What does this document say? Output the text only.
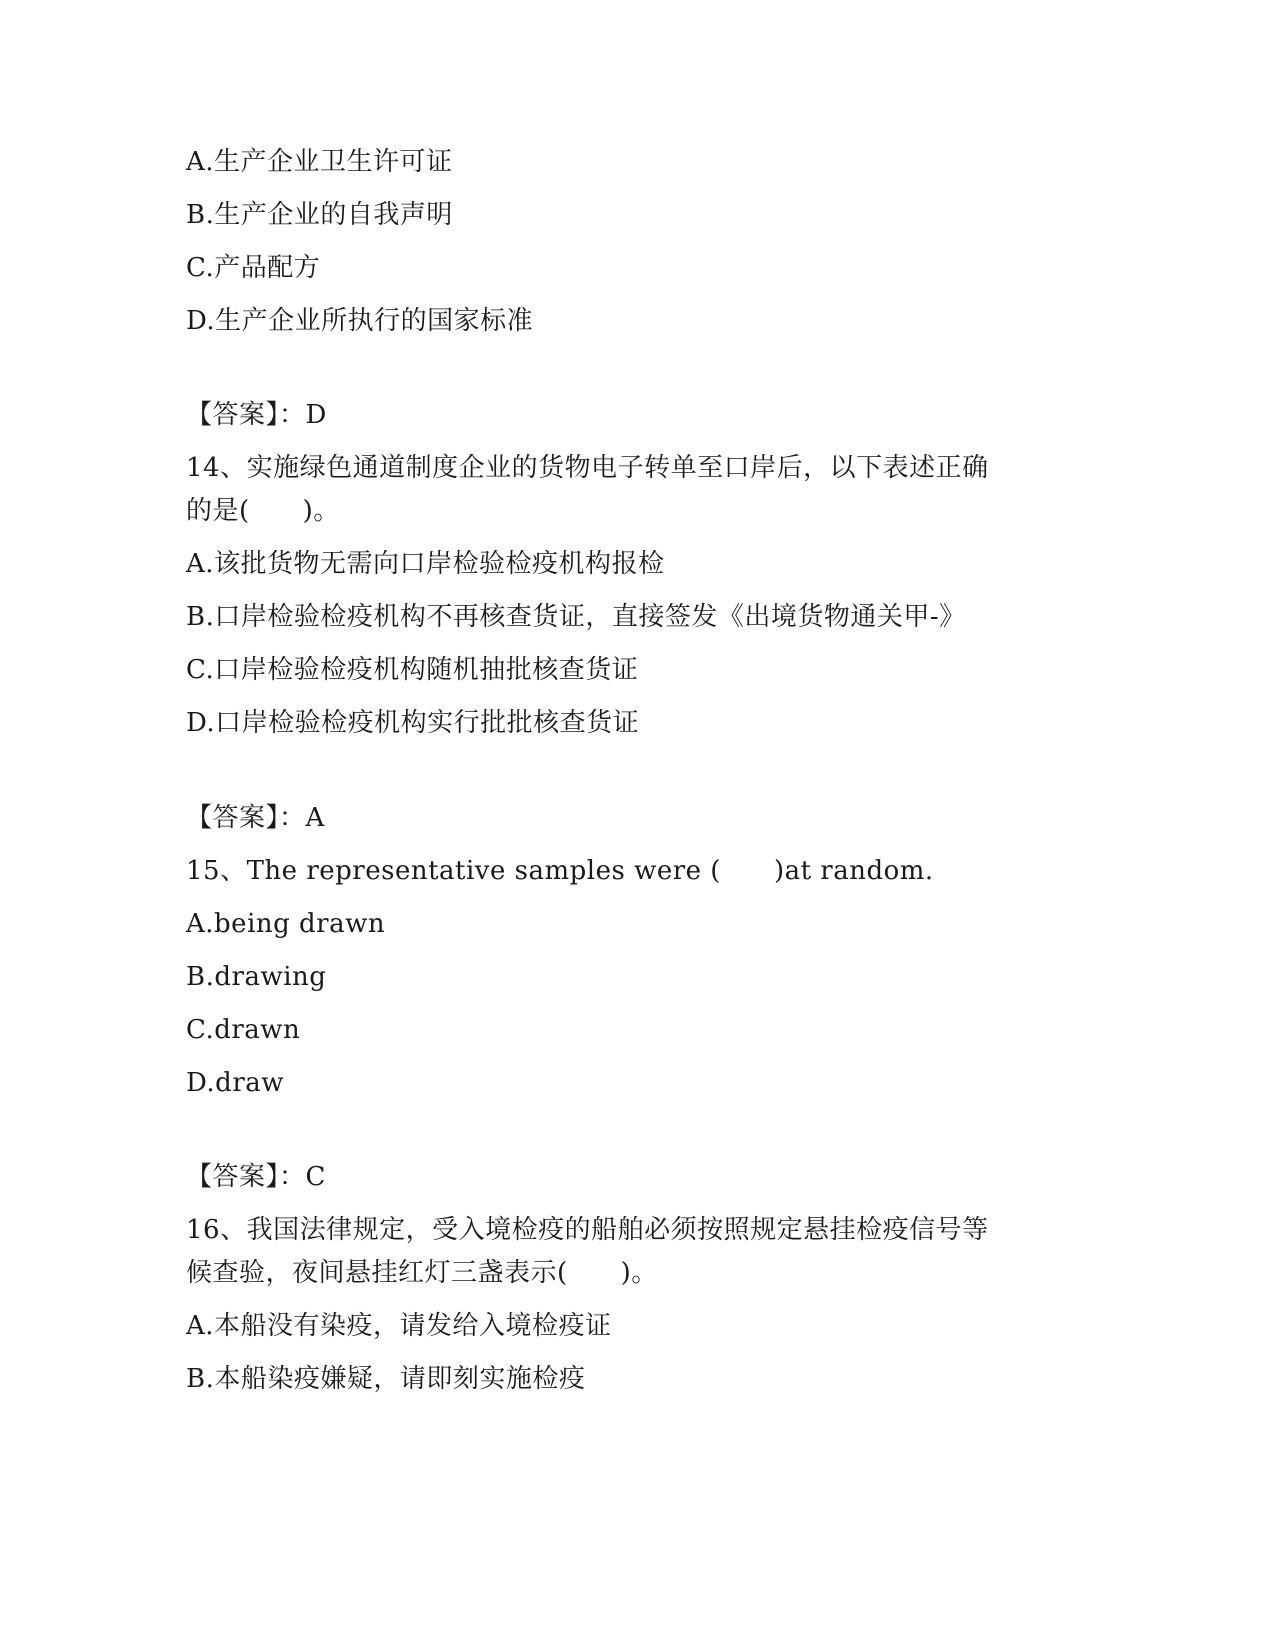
A.生产企业卫生许可证
B.生产企业的自我声明
C.产品配方
D.生产企业所执行的国家标准
【答案】：D
14、实施绿色通道制度企业的货物电子转单至口岸后，以下表述正确
的是(　　)。
A.该批货物无需向口岸检验检疫机构报检
B.口岸检验检疫机构不再核查货证，直接签发《出境货物通关甲-》
C.口岸检验检疫机构随机抽批核查货证
D.口岸检验检疫机构实行批批核查货证
【答案】：A
15、The representative samples were (　　)at random.
A.being drawn
B.drawing
C.drawn
D.draw
【答案】：C
16、我国法律规定，受入境检疫的船舶必须按照规定悬挂检疫信号等
候查验，夜间悬挂红灯三盏表示(　　)。
A.本船没有染疫，请发给入境检疫证
B.本船染疫嫌疑，请即刻实施检疫
